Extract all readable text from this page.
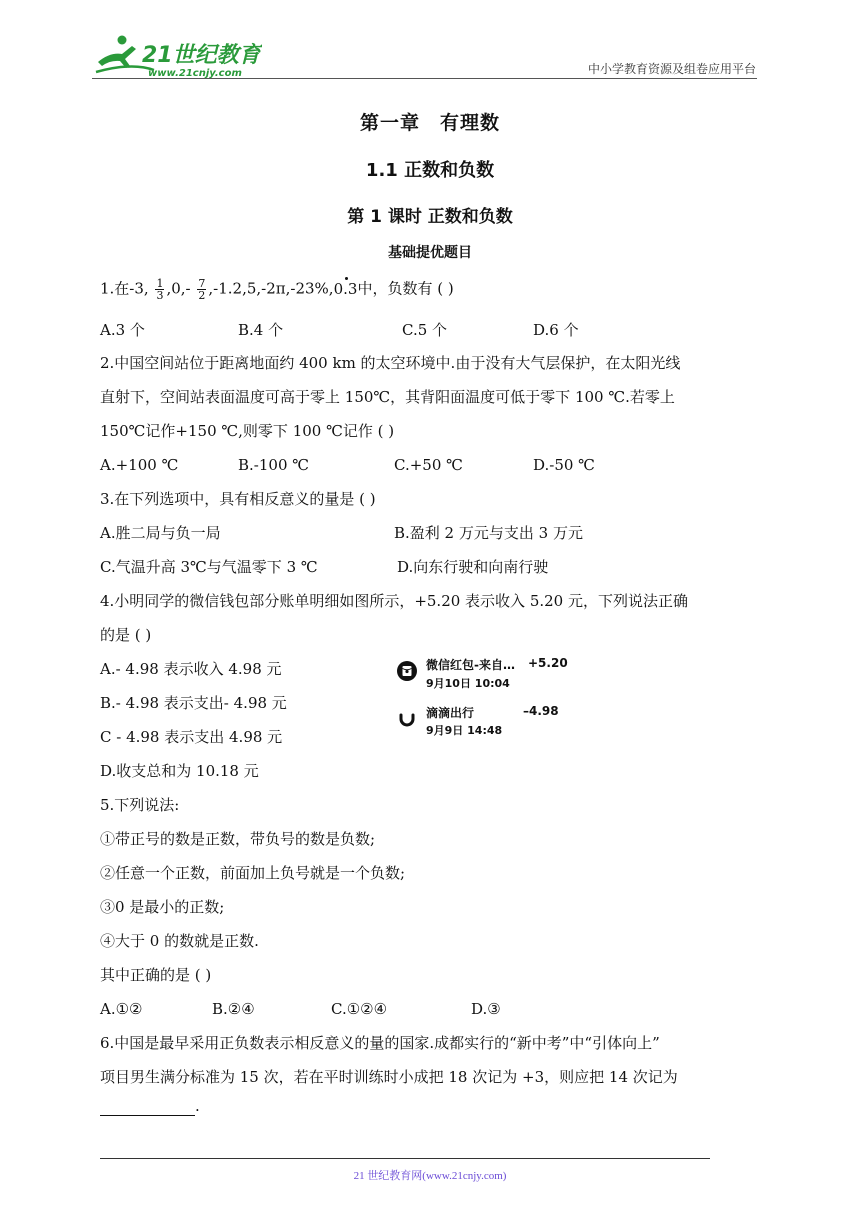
21世纪教育
www.21cnjy.com	中小学教育资源及组卷应用平台
第一章　有理数
1.1 正数和负数
第 1 课时 正数和负数
基础提优题目
1.在-3, $\frac{1}{3} ,0,- \frac{7}{2} ,-1.2,5,-2\pi,-23\%,0.3$中，负数有 ( )
A.3 个	B.4 个	C.5 个	D.6 个
2.中国空间站位于距离地面约 400 km 的太空环境中.由于没有大气层保护，在太阳光线
直射下，空间站表面温度可高于零上 150℃，其背阳面温度可低于零下 100 ℃.若零上
150℃记作+150 ℃,则零下 100 ℃记作 ( )
A.+100 ℃	B.-100 ℃	C.+50 ℃	D.-50 ℃
3.在下列选项中，具有相反意义的量是 ( )
A.胜二局与负一局	B.盈利 2 万元与支出 3 万元
C.气温升高 3℃与气温零下 3 ℃	D.向东行驶和向南行驶
4.小明同学的微信钱包部分账单明细如图所示，+5.20 表示收入 5.20 元，下列说法正确
的是 ( )
A.- 4.98 表示收入 4.98 元
B.- 4.98 表示支出- 4.98 元
C - 4.98 表示支出 4.98 元
D.收支总和为 10.18 元
微信红包-来自… +5.20
9月10日 10:04
滴滴出行	–4.98
9月9日 14:48
5.下列说法:
①带正号的数是正数，带负号的数是负数;
②任意一个正数，前面加上负号就是一个负数;
③0 是最小的正数;
④大于 0 的数就是正数.
其中正确的是 ( )
A.①②	B.②④	C.①②④	D.③
6.中国是最早采用正负数表示相反意义的量的国家.成都实行的“新中考”中“引体向上”
项目男生满分标准为 15 次，若在平时训练时小成把 18 次记为 +3，则应把 14 次记为
.
21 世纪教育网(www.21cnjy.com)
